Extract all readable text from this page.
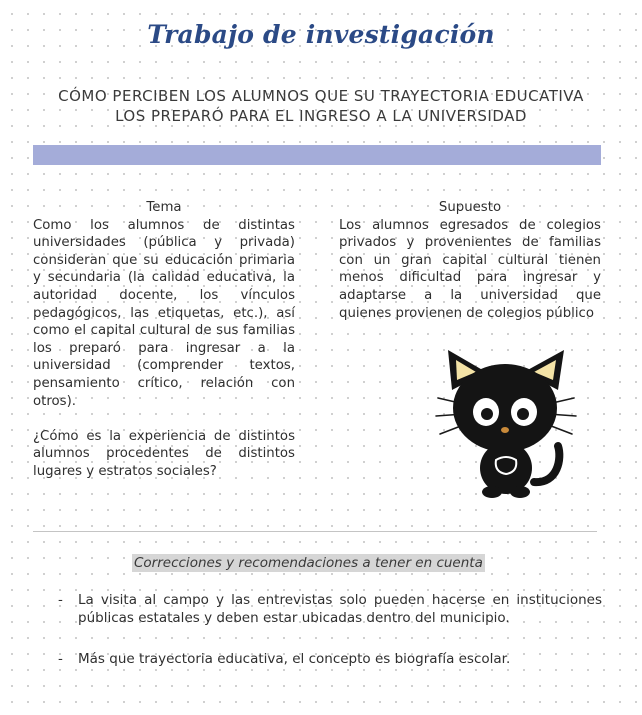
Trabajo de investigación
CÓMO PERCIBEN LOS ALUMNOS QUE SU TRAYECTORIA EDUCATIVA
LOS PREPARÓ PARA EL INGRESO A LA UNIVERSIDAD
Tema
Como los alumnos de distintas universidades (pública y privada) consideran que su educación primaria y secundaria (la calidad educativa, la autoridad docente, los vínculos pedagógicos, las etiquetas, etc.), así como el capital cultural de sus familias los preparó para ingresar a la universidad (comprender textos, pensamiento crítico, relación con otros).
¿Cómo es la experiencia de distintos alumnos procedentes de distintos lugares y estratos sociales?
Supuesto
Los alumnos egresados de colegios privados y provenientes de familias con un gran capital cultural tienen menos dificultad para ingresar y adaptarse a la universidad que quienes provienen de colegios público
Correcciones y recomendaciones a tener en cuenta
- La visita al campo y las entrevistas solo pueden hacerse en instituciones públicas estatales y deben estar ubicadas dentro del municipio.
- Más que trayectoria educativa, el concepto es biografía escolar.
